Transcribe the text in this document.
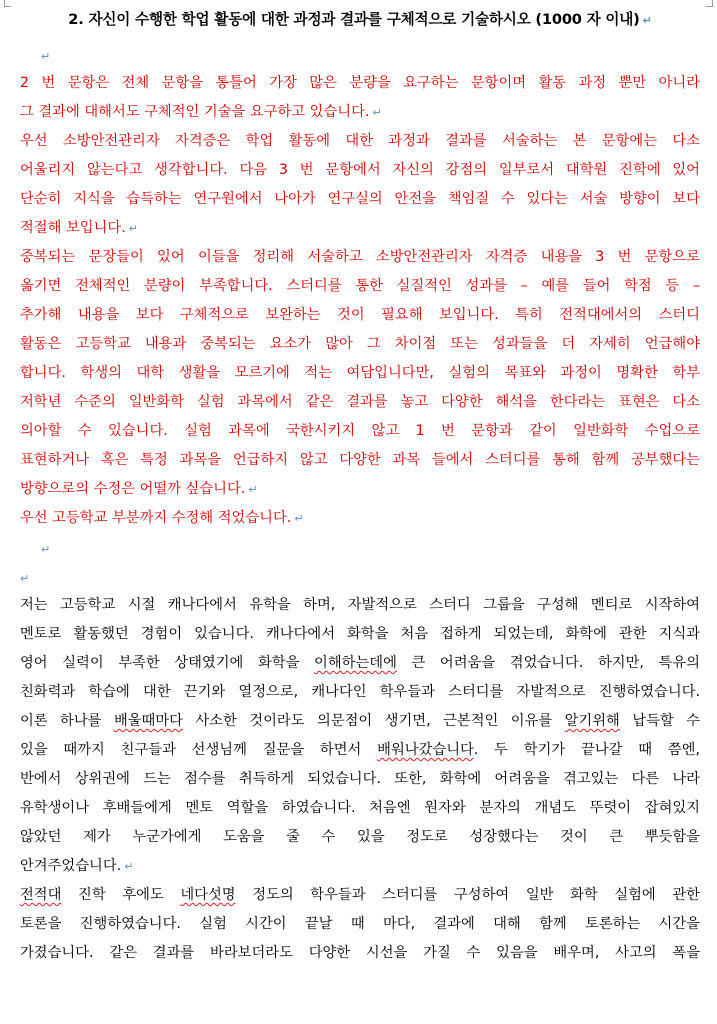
2. 자신이 수행한 학업 활동에 대한 과정과 결과를 구체적으로 기술하시오 (1000 자 이내) ↵
↵
2 번 문항은 전체 문항을 통틀어 가장 많은 분량을 요구하는 문항이며 활동 과정 뿐만 아니라
그 결과에 대해서도 구체적인 기술을 요구하고 있습니다. ↵
우선 소방안전관리자 자격증은 학업 활동에 대한 과정과 결과를 서술하는 본 문항에는 다소
어울리지 않는다고 생각합니다. 다음 3 번 문항에서 자신의 강점의 일부로서 대학원 진학에 있어
단순히 지식을 습득하는 연구원에서 나아가 연구실의 안전을 책임질 수 있다는 서술 방향이 보다
적절해 보입니다. ↵
중복되는 문장들이 있어 이들을 정리해 서술하고 소방안전관리자 자격증 내용을 3 번 문항으로
옮기면 전체적인 분량이 부족합니다. 스터디를 통한 실질적인 성과를 – 예를 들어 학점 등 –
추가해 내용을 보다 구체적으로 보완하는 것이 필요해 보입니다. 특히 전적대에서의 스터디
활동은 고등학교 내용과 중복되는 요소가 많아 그 차이점 또는 성과들을 더 자세히 언급해야
합니다. 학생의 대학 생활을 모르기에 적는 여담입니다만, 실험의 목표와 과정이 명확한 학부
저학년 수준의 일반화학 실험 과목에서 같은 결과를 놓고 다양한 해석을 한다라는 표현은 다소
의아할 수 있습니다. 실험 과목에 국한시키지 않고 1 번 문항과 같이 일반화학 수업으로
표현하거나 혹은 특정 과목을 언급하지 않고 다양한 과목 들에서 스터디를 통해 함께 공부했다는
방향으로의 수정은 어떨까 싶습니다. ↵
우선 고등학교 부분까지 수정해 적었습니다. ↵
↵
↵
저는 고등학교 시절 캐나다에서 유학을 하며, 자발적으로 스터디 그룹을 구성해 멘티로 시작하여
멘토로 활동했던 경험이 있습니다. 캐나다에서 화학을 처음 접하게 되었는데, 화학에 관한 지식과
영어 실력이 부족한 상태였기에 화학을 이해하는데에 큰 어려움을 겪었습니다. 하지만, 특유의
친화력과 학습에 대한 끈기와 열정으로, 캐나다인 학우들과 스터디를 자발적으로 진행하였습니다.
이론 하나를 배울때마다 사소한 것이라도 의문점이 생기면, 근본적인 이유를 알기위해 납득할 수
있을 때까지 친구들과 선생님께 질문을 하면서 배워나갔습니다. 두 학기가 끝나갈 때 쯤엔,
반에서 상위권에 드는 점수를 취득하게 되었습니다. 또한, 화학에 어려움을 겪고있는 다른 나라
유학생이나 후배들에게 멘토 역할을 하였습니다. 처음엔 원자와 분자의 개념도 뚜렷이 잡혀있지
않았던 제가 누군가에게 도움을 줄 수 있을 정도로 성장했다는 것이 큰 뿌듯함을
안겨주었습니다. ↵
전적대 진학 후에도 네다섯명 정도의 학우들과 스터디를 구성하여 일반 화학 실험에 관한
토론을 진행하였습니다. 실험 시간이 끝날 때 마다, 결과에 대해 함께 토론하는 시간을
가졌습니다. 같은 결과를 바라보더라도 다양한 시선을 가질 수 있음을 배우며, 사고의 폭을
